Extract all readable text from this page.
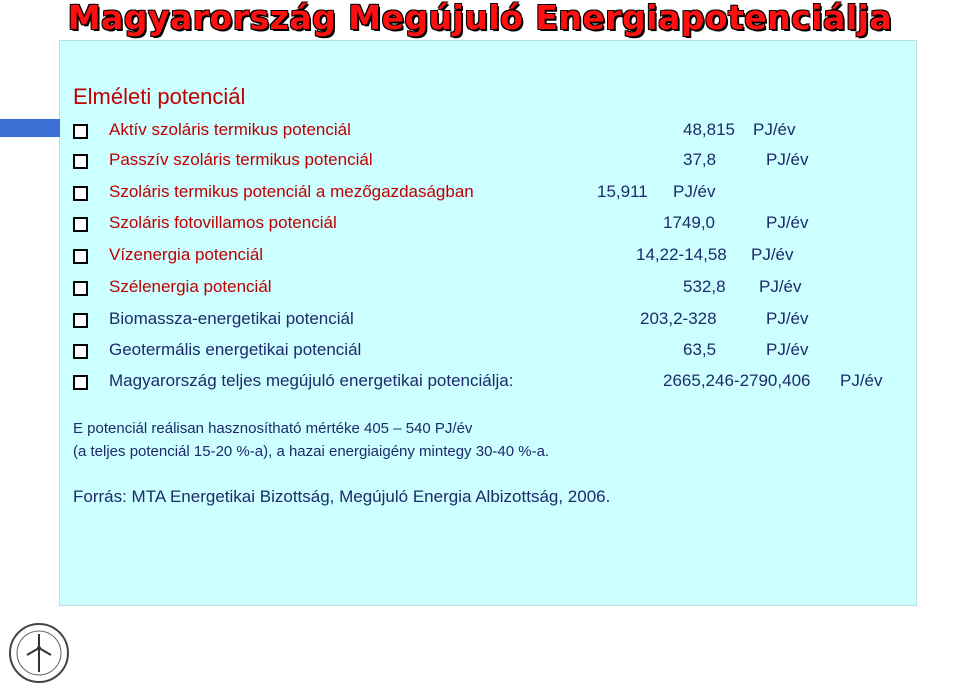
Magyarország Megújuló Energiapotenciálja
Elméleti potenciál
Aktív szoláris termikus potenciál	48,815 PJ/év
Passzív szoláris termikus potenciál	37,8	PJ/év
Szoláris termikus potenciál a mezőgazdaságban	15,911 PJ/év
Szoláris fotovillamos potenciál	1749,0	PJ/év
Vízenergia potenciál	14,22-14,58 PJ/év
Szélenergia potenciál	532,8 PJ/év
Biomassza-energetikai potenciál	203,2-328	PJ/év
Geotermális energetikai potenciál	63,5	PJ/év
Magyarország teljes megújuló energetikai potenciálja:	2665,246-2790,406 PJ/év
E potenciál reálisan hasznosítható mértéke 405 – 540 PJ/év
(a teljes potenciál 15-20 %-a), a hazai energiaigény mintegy 30-40 %-a.
Forrás: MTA Energetikai Bizottság, Megújuló Energia Albizottság, 2006.
